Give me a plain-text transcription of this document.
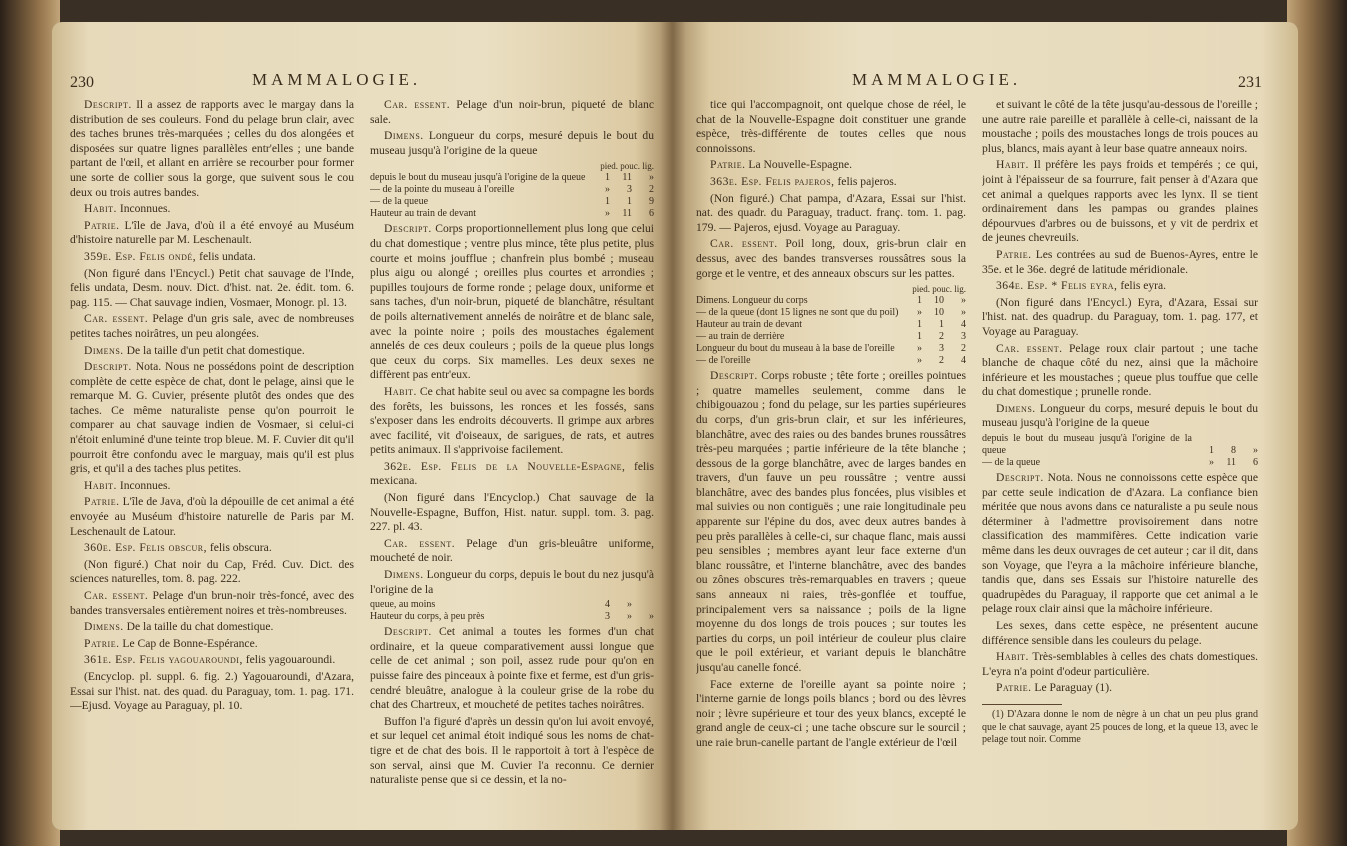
230	MAMMALOGIE.

Descript. Il a assez de rapports avec le margay dans la distribution de ses couleurs. Fond du pelage brun clair, avec des taches brunes très-marquées ; celles du dos alongées et disposées sur quatre lignes parallèles entr'elles ; une bande partant de l'œil, et allant en arrière se recourber pour former une sorte de collier sous la gorge, que suivent sous le cou deux ou trois autres bandes.

Habit. Inconnues.

Patrie. L'île de Java, d'où il a été envoyé au Muséum d'histoire naturelle par M. Leschenault.

359e. Esp. Felis ondé, felis undata.

(Non figuré dans l'Encycl.) Petit chat sauvage de l'Inde, felis undata, Desm. nouv. Dict. d'hist. nat. 2e. édit. tom. 6. pag. 115. — Chat sauvage indien, Vosmaer, Monogr. pl. 13.

Car. essent. Pelage d'un gris sale, avec de nombreuses petites taches noirâtres, un peu alongées.

Dimens. De la taille d'un petit chat domestique.

Descript. Nota. Nous ne possédons point de description complète de cette espèce de chat, dont le pelage, ainsi que le remarque M. G. Cuvier, présente plutôt des ondes que des taches. Ce même naturaliste pense qu'on pourroit le comparer au chat sauvage indien de Vosmaer, si celui-ci n'étoit enluminé d'une teinte trop bleue. M. F. Cuvier dit qu'il pourroit être confondu avec le marguay, mais qu'il est plus gris, et qu'il a des taches plus petites.

Habit. Inconnues.

Patrie. L'île de Java, d'où la dépouille de cet animal a été envoyée au Muséum d'histoire naturelle de Paris par M. Leschenault de Latour.

360e. Esp. Felis obscur, felis obscura.

(Non figuré.) Chat noir du Cap, Fréd. Cuv. Dict. des sciences naturelles, tom. 8. pag. 222.

Car. essent. Pelage d'un brun-noir très-foncé, avec des bandes transversales entièrement noires et très-nombreuses.

Dimens. De la taille du chat domestique.

Patrie. Le Cap de Bonne-Espérance.

361e. Esp. Felis yagouaroundi, felis yagouaroundi.

(Encyclop. pl. suppl. 6. fig. 2.) Yagouaroundi, d'Azara, Essai sur l'hist. nat. des quad. du Paraguay, tom. 1. pag. 171.—Ejusd. Voyage au Paraguay, pl. 10.

Car. essent. Pelage d'un noir-brun, piqueté de blanc sale.

Dimens. Longueur du corps, mesuré depuis le bout du museau jusqu'à l'origine de la queue

	pied. pouc. lig.		
depuis le bout du museau jusqu'à l'origine de la queue	1	11	»
— de la pointe du museau à l'oreille	»	3	2
— de la queue	1	1	9
Hauteur au train de devant	»	11	6

Descript. Corps proportionnellement plus long que celui du chat domestique ; ventre plus mince, tête plus petite, plus courte et moins joufflue ; chanfrein plus bombé ; museau plus aigu ou alongé ; oreilles plus courtes et arrondies ; pupilles toujours de forme ronde ; pelage doux, uniforme et sans taches, d'un noir-brun, piqueté de blanchâtre, résultant de poils alternativement annelés de noirâtre et de blanc sale, avec la pointe noire ; poils des moustaches également annelés de ces deux couleurs ; poils de la queue plus longs que ceux du corps. Six mamelles. Les deux sexes ne diffèrent pas entr'eux.

Habit. Ce chat habite seul ou avec sa compagne les bords des forêts, les buissons, les ronces et les fossés, sans s'exposer dans les endroits découverts. Il grimpe aux arbres avec facilité, vit d'oiseaux, de sarigues, de rats, et autres petits animaux. Il s'apprivoise facilement.

362e. Esp. Felis de la Nouvelle-Espagne, felis mexicana.

(Non figuré dans l'Encyclop.) Chat sauvage de la Nouvelle-Espagne, Buffon, Hist. natur. suppl. tom. 3. pag. 227. pl. 43.

Car. essent. Pelage d'un gris-bleuâtre uniforme, moucheté de noir.

Dimens. Longueur du corps, depuis le bout du nez jusqu'à l'origine de la

queue, au moins	4	»	
Hauteur du corps, à peu près	3	»	»

Descript. Cet animal a toutes les formes d'un chat ordinaire, et la queue comparativement aussi longue que celle de cet animal ; son poil, assez rude pour qu'on en puisse faire des pinceaux à pointe fixe et ferme, est d'un gris-cendré bleuâtre, analogue à la couleur grise de la robe du chat des Chartreux, et moucheté de petites taches noirâtres.

Buffon l'a figuré d'après un dessin qu'on lui avoit envoyé, et sur lequel cet animal étoit indiqué sous les noms de chat-tigre et de chat des bois. Il le rapportoit à tort à l'espèce de son serval, ainsi que M. Cuvier l'a reconnu. Ce dernier naturaliste pense que si ce dessin, et la no-

MAMMALOGIE.	231

tice qui l'accompagnoit, ont quelque chose de réel, le chat de la Nouvelle-Espagne doit constituer une grande espèce, très-différente de toutes celles que nous connoissons.

Patrie. La Nouvelle-Espagne.

363e. Esp. Felis pajeros, felis pajeros.

(Non figuré.) Chat pampa, d'Azara, Essai sur l'hist. nat. des quadr. du Paraguay, traduct. franç. tom. 1. pag. 179. — Pajeros, ejusd. Voyage au Paraguay.

Car. essent. Poil long, doux, gris-brun clair en dessus, avec des bandes transverses roussâtres sous la gorge et le ventre, et des anneaux obscurs sur les pattes.

	pied. pouc. lig.		
Dimens. Longueur du corps	1	10	»
— de la queue (dont 15 lignes ne sont que du poil)	»	10	»
Hauteur au train de devant	1	1	4
— au train de derrière	1	2	3
Longueur du bout du museau à la base de l'oreille	»	3	2
— de l'oreille	»	2	4

Descript. Corps robuste ; tête forte ; oreilles pointues ; quatre mamelles seulement, comme dans le chibigouazou ; fond du pelage, sur les parties supérieures du corps, d'un gris-brun clair, et sur les inférieures, blanchâtre, avec des raies ou des bandes brunes roussâtres très-peu marquées ; partie inférieure de la tête blanche ; dessous de la gorge blanchâtre, avec de larges bandes en travers, d'un fauve un peu roussâtre ; ventre aussi blanchâtre, avec des bandes plus foncées, plus visibles et mal suivies ou non contiguës ; une raie longitudinale peu apparente sur l'épine du dos, avec deux autres bandes à peu près parallèles à celle-ci, sur chaque flanc, mais aussi peu sensibles ; membres ayant leur face externe d'un blanc roussâtre, et l'interne blanchâtre, avec des bandes ou zônes obscures très-remarquables en travers ; queue sans anneaux ni raies, très-gonflée et touffue, principalement vers sa naissance ; poils de la ligne moyenne du dos longs de trois pouces ; sur toutes les parties du corps, un poil intérieur de couleur plus claire que le poil extérieur, et variant depuis le blanchâtre jusqu'au canelle foncé.

Face externe de l'oreille ayant sa pointe noire ; l'interne garnie de longs poils blancs ; bord ou des lèvres noir ; lèvre supérieure et tour des yeux blancs, excepté le grand angle de ceux-ci ; une tache obscure sur le sourcil ; une raie brun-canelle partant de l'angle extérieur de l'œil

et suivant le côté de la tête jusqu'au-dessous de l'oreille ; une autre raie pareille et parallèle à celle-ci, naissant de la moustache ; poils des moustaches longs de trois pouces au plus, blancs, mais ayant à leur base quatre anneaux noirs.

Habit. Il préfère les pays froids et tempérés ; ce qui, joint à l'épaisseur de sa fourrure, fait penser à d'Azara que cet animal a quelques rapports avec les lynx. Il se tient ordinairement dans les pampas ou grandes plaines dépourvues d'arbres ou de buissons, et y vit de perdrix et de jeunes chevreuils.

Patrie. Les contrées au sud de Buenos-Ayres, entre le 35e. et le 36e. degré de latitude méridionale.

364e. Esp. * Felis eyra, felis eyra.

(Non figuré dans l'Encycl.) Eyra, d'Azara, Essai sur l'hist. nat. des quadrup. du Paraguay, tom. 1. pag. 177, et Voyage au Paraguay.

Car. essent. Pelage roux clair partout ; une tache blanche de chaque côté du nez, ainsi que la mâchoire inférieure et les moustaches ; queue plus touffue que celle du chat domestique ; prunelle ronde.

Dimens. Longueur du corps, mesuré depuis le bout du museau jusqu'à l'origine de la queue

depuis le bout du museau jusqu'à l'origine de la queue	1	8	»
— de la queue	»	11	6

Descript. Nota. Nous ne connoissons cette espèce que par cette seule indication de d'Azara. La confiance bien méritée que nous avons dans ce naturaliste a pu seule nous déterminer à l'admettre provisoirement dans notre classification des mammifères. Cette indication varie même dans les deux ouvrages de cet auteur ; car il dit, dans son Voyage, que l'eyra a la mâchoire inférieure blanche, tandis que, dans ses Essais sur l'histoire naturelle des quadrupèdes du Paraguay, il rapporte que cet animal a le pelage roux clair ainsi que la mâchoire inférieure.

Les sexes, dans cette espèce, ne présentent aucune différence sensible dans les couleurs du pelage.

Habit. Très-semblables à celles des chats domestiques. L'eyra n'a point d'odeur particulière.

Patrie. Le Paraguay (1).

(1) D'Azara donne le nom de nègre à un chat un peu plus grand que le chat sauvage, ayant 25 pouces de long, et la queue 13, avec le pelage tout noir. Comme
